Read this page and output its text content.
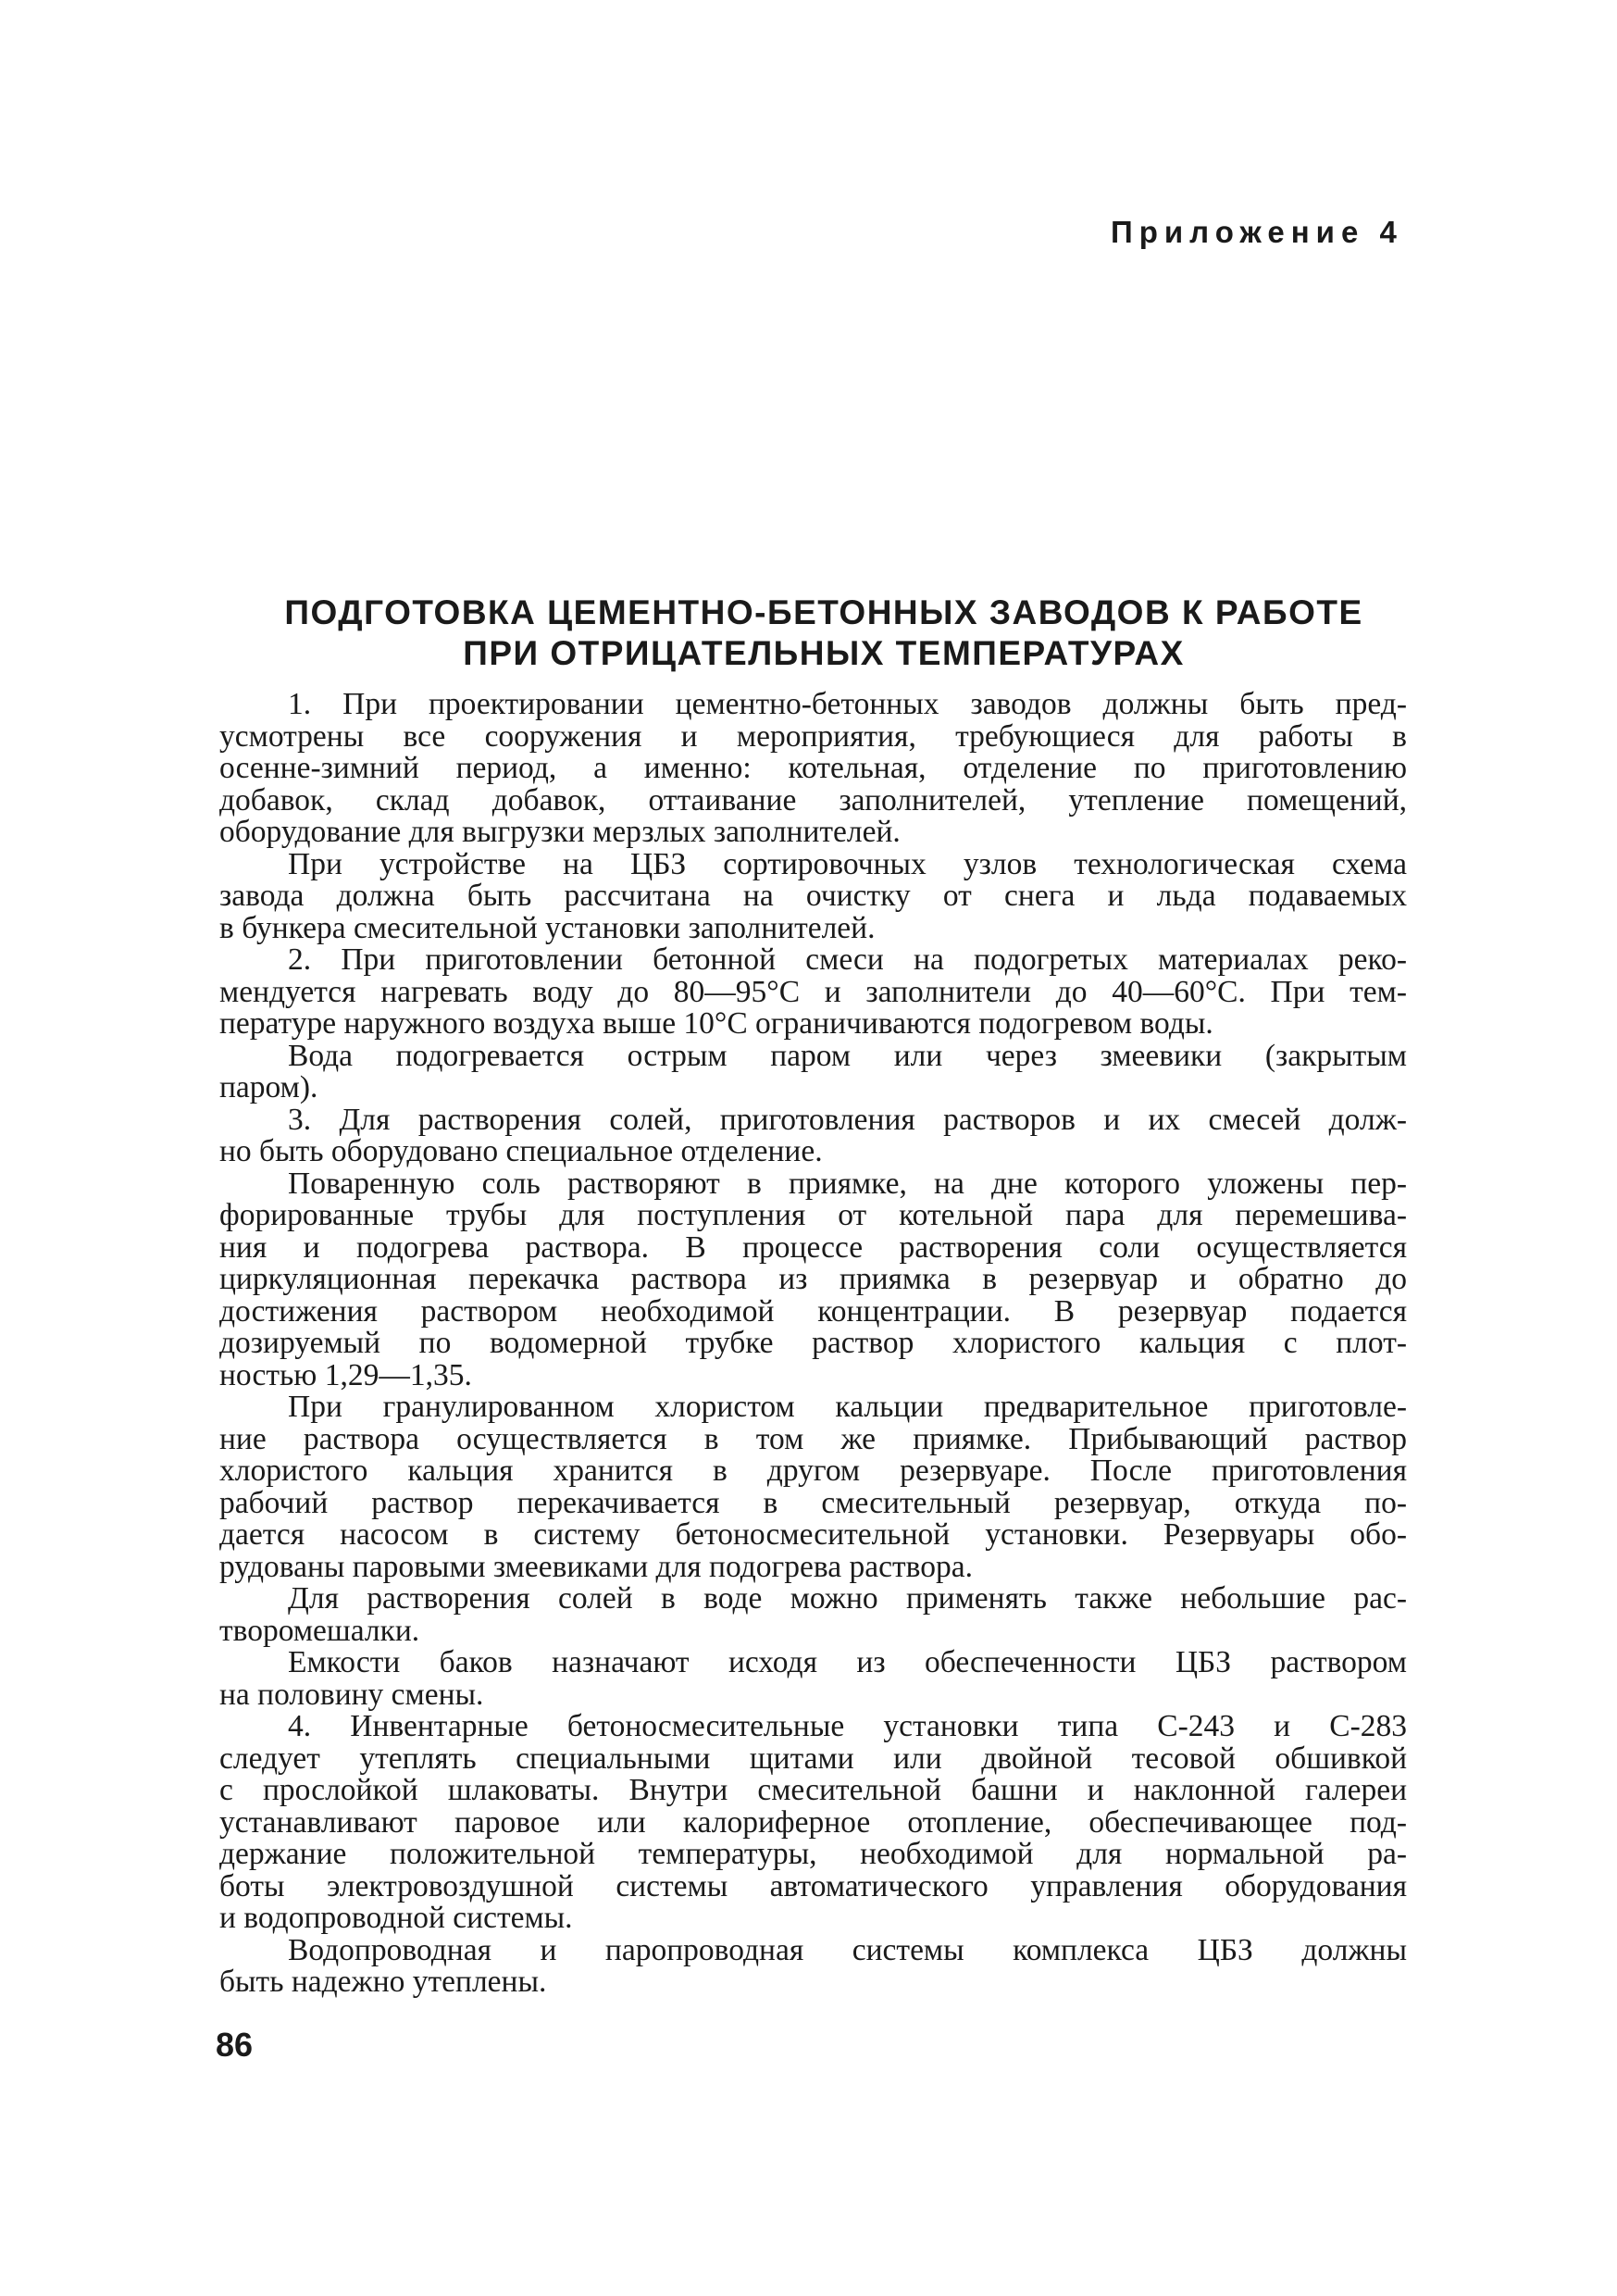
Приложение 4
ПОДГОТОВКА ЦЕМЕНТНО-БЕТОННЫХ ЗАВОДОВ К РАБОТЕ
ПРИ ОТРИЦАТЕЛЬНЫХ ТЕМПЕРАТУРАХ
1. При проектировании цементно-бетонных заводов должны быть пред-
усмотрены все сооружения и мероприятия, требующиеся для работы в
осенне-зимний период, а именно: котельная, отделение по приготовлению
добавок, склад добавок, оттаивание заполнителей, утепление помещений,
оборудование для выгрузки мерзлых заполнителей.
При устройстве на ЦБЗ сортировочных узлов технологическая схема
завода должна быть рассчитана на очистку от снега и льда подаваемых
в бункера смесительной установки заполнителей.
2. При приготовлении бетонной смеси на подогретых материалах реко-
мендуется нагревать воду до 80—95°C и заполнители до 40—60°C. При тем-
пературе наружного воздуха выше 10°C ограничиваются подогревом воды.
Вода подогревается острым паром или через змеевики (закрытым
паром).
3. Для растворения солей, приготовления растворов и их смесей долж-
но быть оборудовано специальное отделение.
Поваренную соль растворяют в приямке, на дне которого уложены пер-
форированные трубы для поступления от котельной пара для перемешива-
ния и подогрева раствора. В процессе растворения соли осуществляется
циркуляционная перекачка раствора из приямка в резервуар и обратно до
достижения раствором необходимой концентрации. В резервуар подается
дозируемый по водомерной трубке раствор хлористого кальция с плот-
ностью 1,29—1,35.
При гранулированном хлористом кальции предварительное приготовле-
ние раствора осуществляется в том же приямке. Прибывающий раствор
хлористого кальция хранится в другом резервуаре. После приготовления
рабочий раствор перекачивается в смесительный резервуар, откуда по-
дается насосом в систему бетоносмесительной установки. Резервуары обо-
рудованы паровыми змеевиками для подогрева раствора.
Для растворения солей в воде можно применять также небольшие рас-
творомешалки.
Емкости баков назначают исходя из обеспеченности ЦБЗ раствором
на половину смены.
4. Инвентарные бетоносмесительные установки типа С-243 и С-283
следует утеплять специальными щитами или двойной тесовой обшивкой
с прослойкой шлаковаты. Внутри смесительной башни и наклонной галереи
устанавливают паровое или калориферное отопление, обеспечивающее под-
держание положительной температуры, необходимой для нормальной ра-
боты электровоздушной системы автоматического управления оборудования
и водопроводной системы.
Водопроводная и паропроводная системы комплекса ЦБЗ должны
быть надежно утеплены.
86
